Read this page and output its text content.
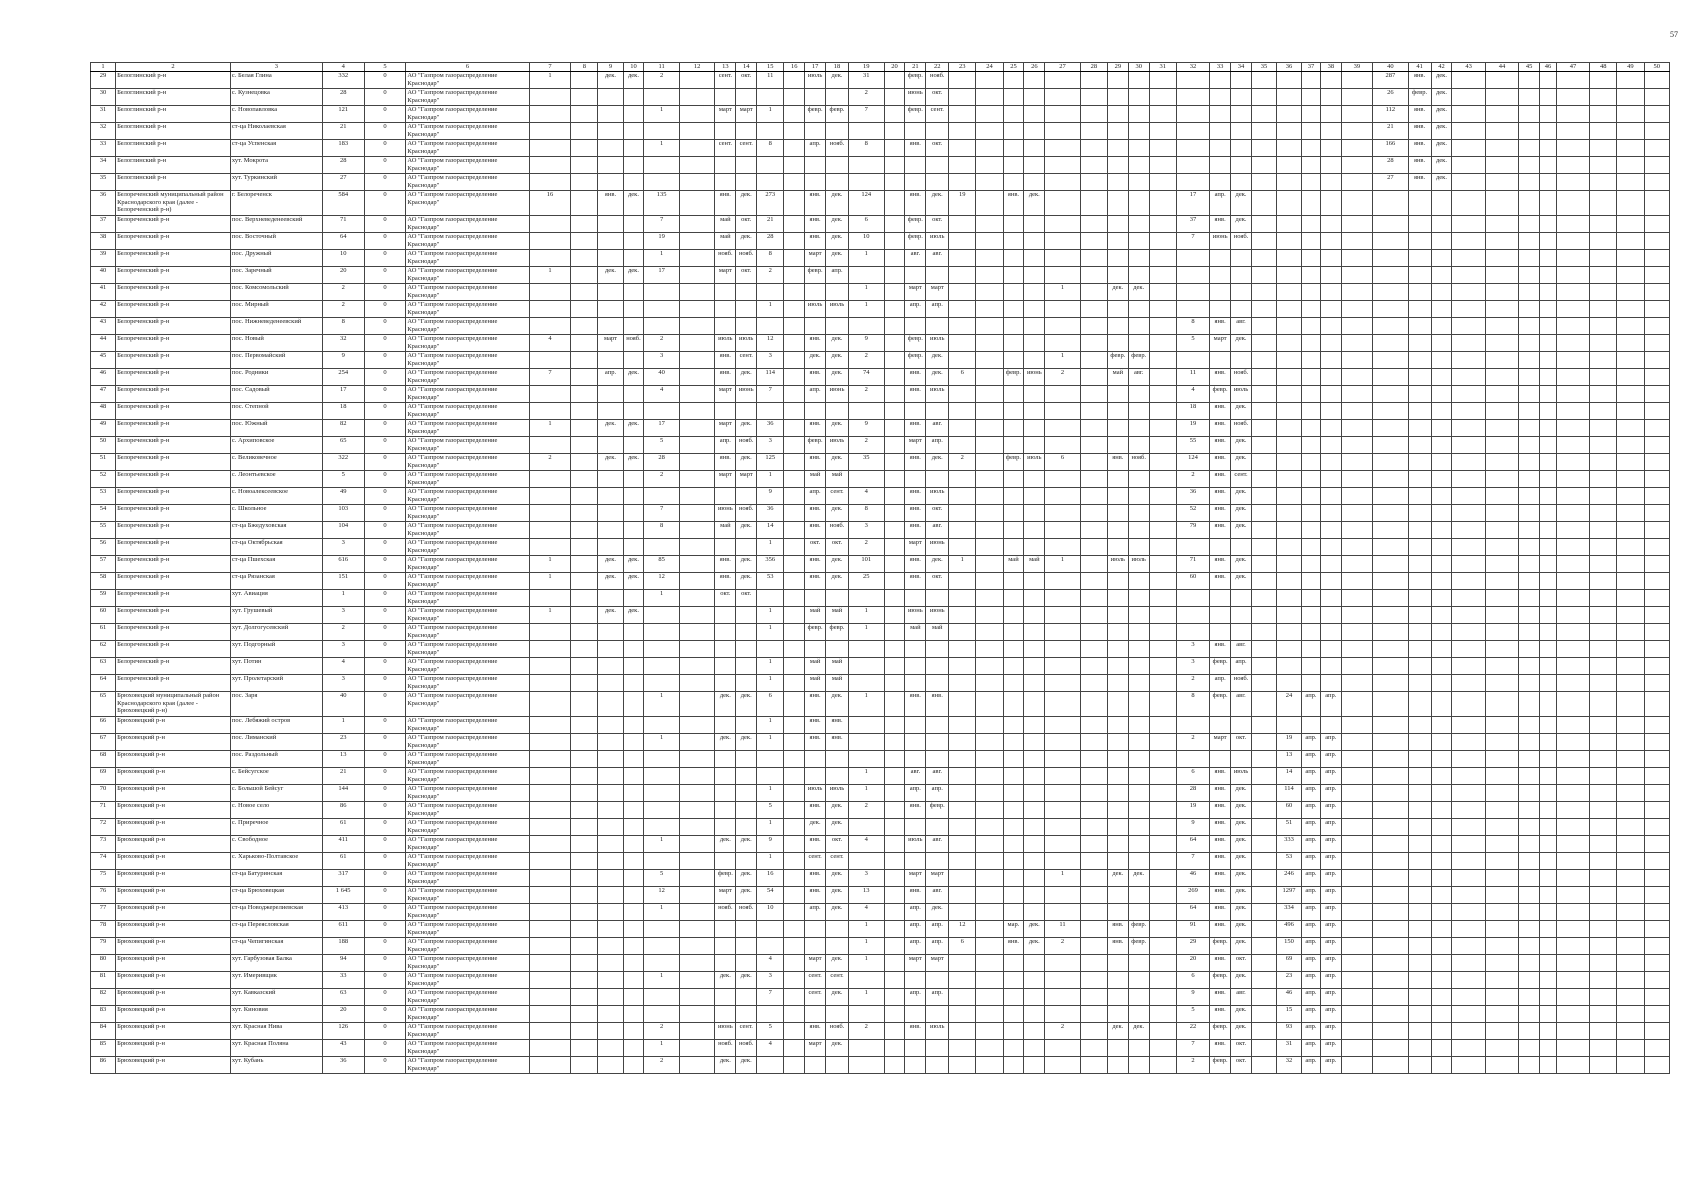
57
1	2	3	4	5	6	7	8	9	10	11	12	13	14	15	16	17	18	19	20	21	22	23	24	25	26	27	28	29	30	31	32	33	34	35	36	37	38	39	40	41	42	43	44	45	46	47	48	49	50
29	Белоглинский р-н	с. Белая Глина	332	0	АО "Газпром газораспределение Краснодар"	1		дек.	дек.	2		сент.	окт.	11		июль	дек.	31		февр.	нояб.																		287	янв.	дек.								
30	Белоглинский р-н	с. Кузнецовка	28	0	АО "Газпром газораспределение Краснодар"													2		июнь	окт.																		26	февр.	дек.								
31	Белоглинский р-н	с. Новопавловка	121	0	АО "Газпром газораспределение Краснодар"					1		март	март	1		февр.	февр.	7		февр.	сент.																		112	янв.	дек.								
32	Белоглинский р-н	ст-ца Николаевская	21	0	АО "Газпром газораспределение Краснодар"																																		21	янв.	дек.								
33	Белоглинский р-н	ст-ца Успенская	183	0	АО "Газпром газораспределение Краснодар"					1		сент.	сент.	8		апр.	нояб.	8		янв.	окт.																		166	янв.	дек.								
34	Белоглинский р-н	хут. Мокрота	28	0	АО "Газпром газораспределение Краснодар"																																		28	янв.	дек.								
35	Белоглинский р-н	хут. Туркинский	27	0	АО "Газпром газораспределение Краснодар"																																		27	янв.	дек.								
36	Белореченский муниципальный район Краснодарского края (далее - Белореченский р-н)	г. Белореченск	584	0	АО "Газпром газораспределение Краснодар"	16		янв.	дек.	135		янв.	дек.	273		янв.	дек.	124		янв.	дек.	19		янв.	дек.						17	апр.	дек.																
37	Белореченский р-н	пос. Верхневеденеевский	71	0	АО "Газпром газораспределение Краснодар"					7		май	окт.	21		янв.	дек.	6		февр.	окт.										37	янв.	дек.																
38	Белореченский р-н	пос. Восточный	64	0	АО "Газпром газораспределение Краснодар"					19		май	дек.	28		янв.	дек.	10		февр.	июль										7	июнь	нояб.																
39	Белореченский р-н	пос. Дружный	10	0	АО "Газпром газораспределение Краснодар"					1		нояб.	нояб.	8		март	дек.	1		авг.	авг.																												
40	Белореченский р-н	пос. Заречный	20	0	АО "Газпром газораспределение Краснодар"	1		дек.	дек.	17		март	окт.	2		февр.	апр.																																
41	Белореченский р-н	пос. Комсомольский	2	0	АО "Газпром газораспределение Краснодар"													1		март	март					1		дек.	дек.																				
42	Белореченский р-н	пос. Мирный	2	0	АО "Газпром газораспределение Краснодар"									1		июль	июль	1		апр.	апр.																												
43	Белореченский р-н	пос. Нижневеденеевский	8	0	АО "Газпром газораспределение Краснодар"																										8	янв.	авг.																
44	Белореченский р-н	пос. Новый	32	0	АО "Газпром газораспределение Краснодар"	4		март	нояб.	2		июль	июль	12		янв.	дек.	9		февр.	июль										5	март	дек.																
45	Белореченский р-н	пос. Первомайский	9	0	АО "Газпром газораспределение Краснодар"					3		янв.	сент.	3		дек.	дек.	2		февр.	дек.					1		февр.	февр.																				
46	Белореченский р-н	пос. Родники	254	0	АО "Газпром газораспределение Краснодар"	7		апр.	дек.	40		янв.	дек.	114		янв.	дек.	74		янв.	дек.	6		февр.	июнь	2		май	авг.		11	янв.	нояб.																
47	Белореченский р-н	пос. Садовый	17	0	АО "Газпром газораспределение Краснодар"					4		март	июнь	7		апр.	июнь	2		янв.	июль										4	февр.	июль																
48	Белореченский р-н	пос. Степной	18	0	АО "Газпром газораспределение Краснодар"																										18	янв.	дек.																
49	Белореченский р-н	пос. Южный	82	0	АО "Газпром газораспределение Краснодар"	1		дек.	дек.	17		март	дек.	36		янв.	дек.	9		янв.	авг.										19	янв.	нояб.																
50	Белореченский р-н	с. Архиповское	65	0	АО "Газпром газораспределение Краснодар"					5		апр.	нояб.	3		февр.	июль	2		март	апр.										55	янв.	дек.																
51	Белореченский р-н	с. Великовечное	322	0	АО "Газпром газораспределение Краснодар"	2		дек.	дек.	28		янв.	дек.	125		янв.	дек.	35		янв.	дек.	2		февр.	июль	6		янв.	нояб.		124	янв.	дек.																
52	Белореченский р-н	с. Леонтьевское	5	0	АО "Газпром газораспределение Краснодар"					2		март	март	1		май	май														2	янв.	сент.																
53	Белореченский р-н	с. Новоалексеевское	49	0	АО "Газпром газораспределение Краснодар"									9		апр.	сент.	4		янв.	июль										36	янв.	дек.																
54	Белореченский р-н	с. Школьное	103	0	АО "Газпром газораспределение Краснодар"					7		июнь	нояб.	36		янв.	дек.	8		янв.	окт.										52	янв.	дек.																
55	Белореченский р-н	ст-ца Бжедуховская	104	0	АО "Газпром газораспределение Краснодар"					8		май	дек.	14		янв.	нояб.	3		янв.	авг.										79	янв.	дек.																
56	Белореченский р-н	ст-ца Октябрьская	3	0	АО "Газпром газораспределение Краснодар"									1		окт.	окт.	2		март	июнь																												
57	Белореченский р-н	ст-ца Пшехская	616	0	АО "Газпром газораспределение Краснодар"	1		дек.	дек.	85		янв.	дек.	356		янв.	дек.	101		янв.	дек.	1		май	май	1		июль	июль		71	янв.	дек.																
58	Белореченский р-н	ст-ца Рязанская	151	0	АО "Газпром газораспределение Краснодар"	1		дек.	дек.	12		янв.	дек.	53		янв.	дек.	25		янв.	окт.										60	янв.	дек.																
59	Белореченский р-н	хут. Авиация	1	0	АО "Газпром газораспределение Краснодар"					1		окт.	окт.																																				
60	Белореченский р-н	хут. Грушевый	3	0	АО "Газпром газораспределение Краснодар"	1		дек.	дек.					1		май	май	1		июнь	июнь																												
61	Белореченский р-н	хут. Долгогусевский	2	0	АО "Газпром газораспределение Краснодар"									1		февр.	февр.	1		май	май																												
62	Белореченский р-н	хут. Подгорный	3	0	АО "Газпром газораспределение Краснодар"																										3	янв.	авг.																
63	Белореченский р-н	хут. Потин	4	0	АО "Газпром газораспределение Краснодар"									1		май	май														3	февр.	апр.																
64	Белореченский р-н	хут. Пролетарский	3	0	АО "Газпром газораспределение Краснодар"									1		май	май														2	апр.	нояб.																
65	Брюховецкий муниципальный район Краснодарского края (далее - Брюховецкий р-н)	пос. Заря	40	0	АО "Газпром газораспределение Краснодар"					1		дек.	дек.	6		янв.	дек.	1		янв.	янв.										8	февр.	авг.		24	апр.	апр.												
66	Брюховецкий р-н	пос. Лебяжий остров	1	0	АО "Газпром газораспределение Краснодар"									1		янв.	янв.																																
67	Брюховецкий р-н	пос. Лиманский	23	0	АО "Газпром газораспределение Краснодар"					1		дек.	дек.	1		янв.	янв.														2	март	окт.		19	апр.	апр.												
68	Брюховецкий р-н	пос. Раздольный	13	0	АО "Газпром газораспределение Краснодар"																														13	апр.	апр.												
69	Брюховецкий р-н	с. Бейсугское	21	0	АО "Газпром газораспределение Краснодар"													1		авг.	авг.										6	янв.	июль		14	апр.	апр.												
70	Брюховецкий р-н	с. Большой Бейсуг	144	0	АО "Газпром газораспределение Краснодар"									1		июль	июль	1		апр.	апр.										28	янв.	дек.		114	апр.	апр.												
71	Брюховецкий р-н	с. Новое село	86	0	АО "Газпром газораспределение Краснодар"									5		янв.	дек.	2		янв.	февр.										19	янв.	дек.		60	апр.	апр.												
72	Брюховецкий р-н	с. Приречное	61	0	АО "Газпром газораспределение Краснодар"									1		дек.	дек.														9	янв.	дек.		51	апр.	апр.												
73	Брюховецкий р-н	с. Свободное	411	0	АО "Газпром газораспределение Краснодар"					1		дек.	дек.	9		янв.	окт.	4		июль	авг.										64	янв.	дек.		333	апр.	апр.												
74	Брюховецкий р-н	с. Харьково-Полтавское	61	0	АО "Газпром газораспределение Краснодар"									1		сент.	сент.														7	янв.	дек.		53	апр.	апр.												
75	Брюховецкий р-н	ст-ца Батуринская	317	0	АО "Газпром газораспределение Краснодар"					5		февр.	дек.	16		янв.	дек.	3		март	март					1		дек.	дек.		46	янв.	дек.		246	апр.	апр.												
76	Брюховецкий р-н	ст-ца Брюховецкая	1 645	0	АО "Газпром газораспределение Краснодар"					12		март	дек.	54		янв.	дек.	13		янв.	авг.										269	янв.	дек.		1297	апр.	апр.												
77	Брюховецкий р-н	ст-ца Новоджерелиевская	413	0	АО "Газпром газораспределение Краснодар"					1		нояб.	нояб.	10		апр.	дек.	4		апр.	дек.										64	янв.	дек.		334	апр.	апр.												
78	Брюховецкий р-н	ст-ца Переясловская	611	0	АО "Газпром газораспределение Краснодар"													1		апр.	апр.	12		мар.	дек.	11		янв.	февр.		91	янв.	дек.		496	апр.	апр.												
79	Брюховецкий р-н	ст-ца Чепигинская	188	0	АО "Газпром газораспределение Краснодар"													1		апр.	апр.	6		янв.	дек.	2		янв.	февр.		29	февр.	дек.		150	апр.	апр.												
80	Брюховецкий р-н	хут. Гарбузовая Балка	94	0	АО "Газпром газораспределение Краснодар"									4		март	дек.	1		март	март										20	янв.	окт.		69	апр.	апр.												
81	Брюховецкий р-н	хут. Имеривщик	33	0	АО "Газпром газораспределение Краснодар"					1		дек.	дек.	3		сент.	сент.														6	февр.	дек.		23	апр.	апр.												
82	Брюховецкий р-н	хут. Кавказский	63	0	АО "Газпром газораспределение Краснодар"									7		сент.	дек.	1		апр.	апр.										9	янв.	авг.		46	апр.	апр.												
83	Брюховецкий р-н	хут. Киновия	20	0	АО "Газпром газораспределение Краснодар"																										5	янв.	дек.		15	апр.	апр.												
84	Брюховецкий р-н	хут. Красная Нива	126	0	АО "Газпром газораспределение Краснодар"					2		июнь	сент.	5		янв.	нояб.	2		янв.	июль					2		дек.	дек.		22	февр.	дек.		93	апр.	апр.												
85	Брюховецкий р-н	хут. Красная Поляна	43	0	АО "Газпром газораспределение Краснодар"					1		нояб.	нояб.	4		март	дек.														7	янв.	окт.		31	апр.	апр.												
86	Брюховецкий р-н	хут. Кубань	36	0	АО "Газпром газораспределение Краснодар"					2		дек.	дек.																		2	февр.	окт.		32	апр.	апр.												
